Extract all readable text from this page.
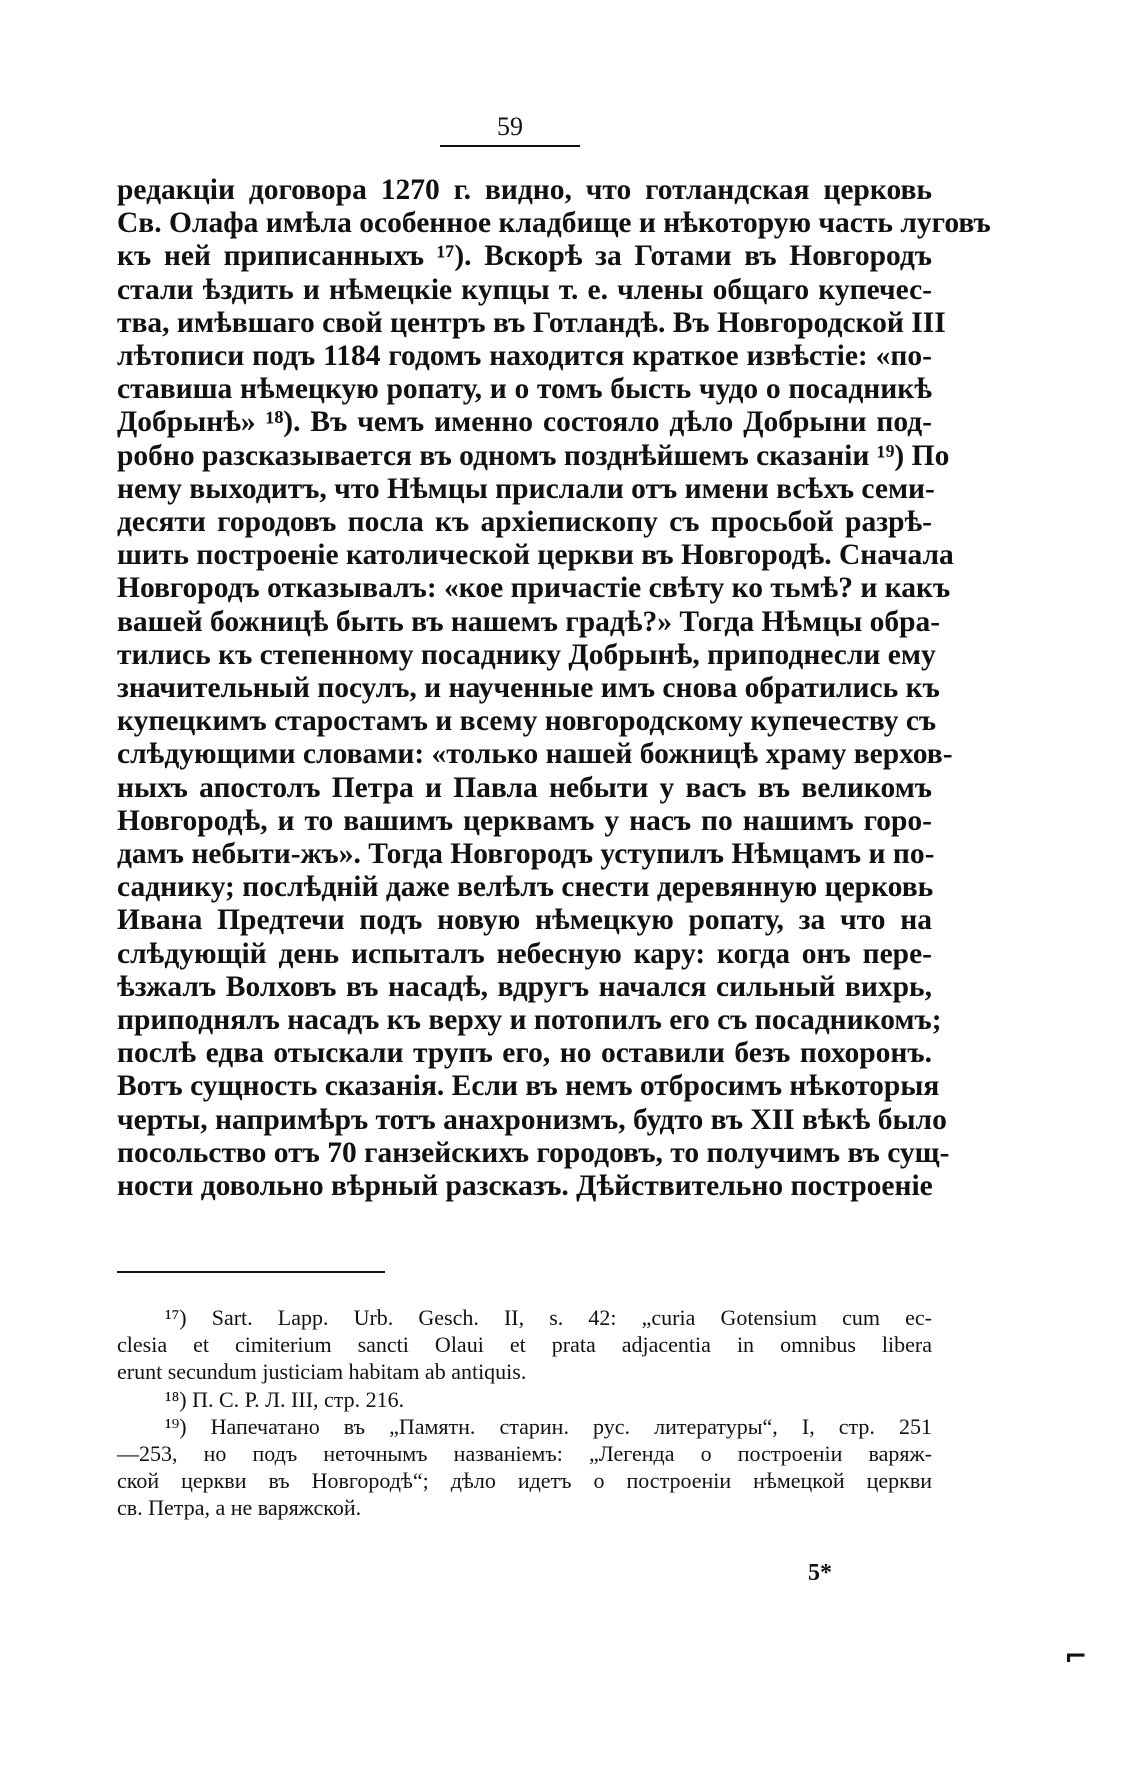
59
редакціи договора 1270 г. видно, что готландская церковь
Св. Олафа имѣла особенное кладбище и нѣкоторую часть луговъ
къ ней приписанныхъ ¹⁷). Вскорѣ за Готами въ Новгородъ
стали ѣздить и нѣмецкіе купцы т. е. члены общаго купечес-
тва, имѣвшаго свой центръ въ Готландѣ. Въ Новгородской III
лѣтописи подъ 1184 годомъ находится краткое извѣстіе: «по-
ставиша нѣмецкую ропату, и о томъ бысть чудо о посадникѣ
Добрынѣ» ¹⁸). Въ чемъ именно состояло дѣло Добрыни под-
робно разсказывается въ одномъ позднѣйшемъ сказаніи ¹⁹) По
нему выходитъ, что Нѣмцы прислали отъ имени всѣхъ семи-
десяти городовъ посла къ архіепископу съ просьбой разрѣ-
шить построеніе католической церкви въ Новгородѣ. Сначала
Новгородъ отказывалъ: «кое причастіе свѣту ко тьмѣ? и какъ
вашей божницѣ быть въ нашемъ градѣ?» Тогда Нѣмцы обра-
тились къ степенному посаднику Добрынѣ, приподнесли ему
значительный посулъ, и наученные имъ снова обратились къ
купецкимъ старостамъ и всему новгородскому купечеству съ
слѣдующими словами: «только нашей божницѣ храму верхов-
ныхъ апостолъ Петра и Павла небыти у васъ въ великомъ
Новгородѣ, и то вашимъ церквамъ у насъ по нашимъ горо-
дамъ небыти-жъ». Тогда Новгородъ уступилъ Нѣмцамъ и по-
саднику; послѣдній даже велѣлъ снести деревянную церковь
Ивана Предтечи подъ новую нѣмецкую ропату, за что на
слѣдующій день испыталъ небесную кару: когда онъ пере-
ѣзжалъ Волховъ въ насадѣ, вдругъ начался сильный вихрь,
приподнялъ насадъ къ верху и потопилъ его съ посадникомъ;
послѣ едва отыскали трупъ его, но оставили безъ похоронъ.
Вотъ сущность сказанія. Если въ немъ отбросимъ нѣкоторыя
черты, напримѣръ тотъ анахронизмъ, будто въ XII вѣкѣ было
посольство отъ 70 ганзейскихъ городовъ, то получимъ въ сущ-
ности довольно вѣрный разсказъ. Дѣйствительно построеніе
¹⁷) Sart. Lapp. Urb. Gesch. II, s. 42: „curia Gotensium cum ec-
clesia et cimiterium sancti Olaui et prata adjacentia in omnibus libera
erunt secundum justiciam habitam ab antiquis.
¹⁸) П. С. Р. Л. III, стр. 216.
¹⁹) Напечатано въ „Памятн. старин. рус. литературы“, I, стр. 251
—253, но подъ неточнымъ названіемъ: „Легенда о построеніи варяж-
ской церкви въ Новгородѣ“; дѣло идетъ о построеніи нѣмецкой церкви
св. Петра, а не варяжской.
5*
⌐
